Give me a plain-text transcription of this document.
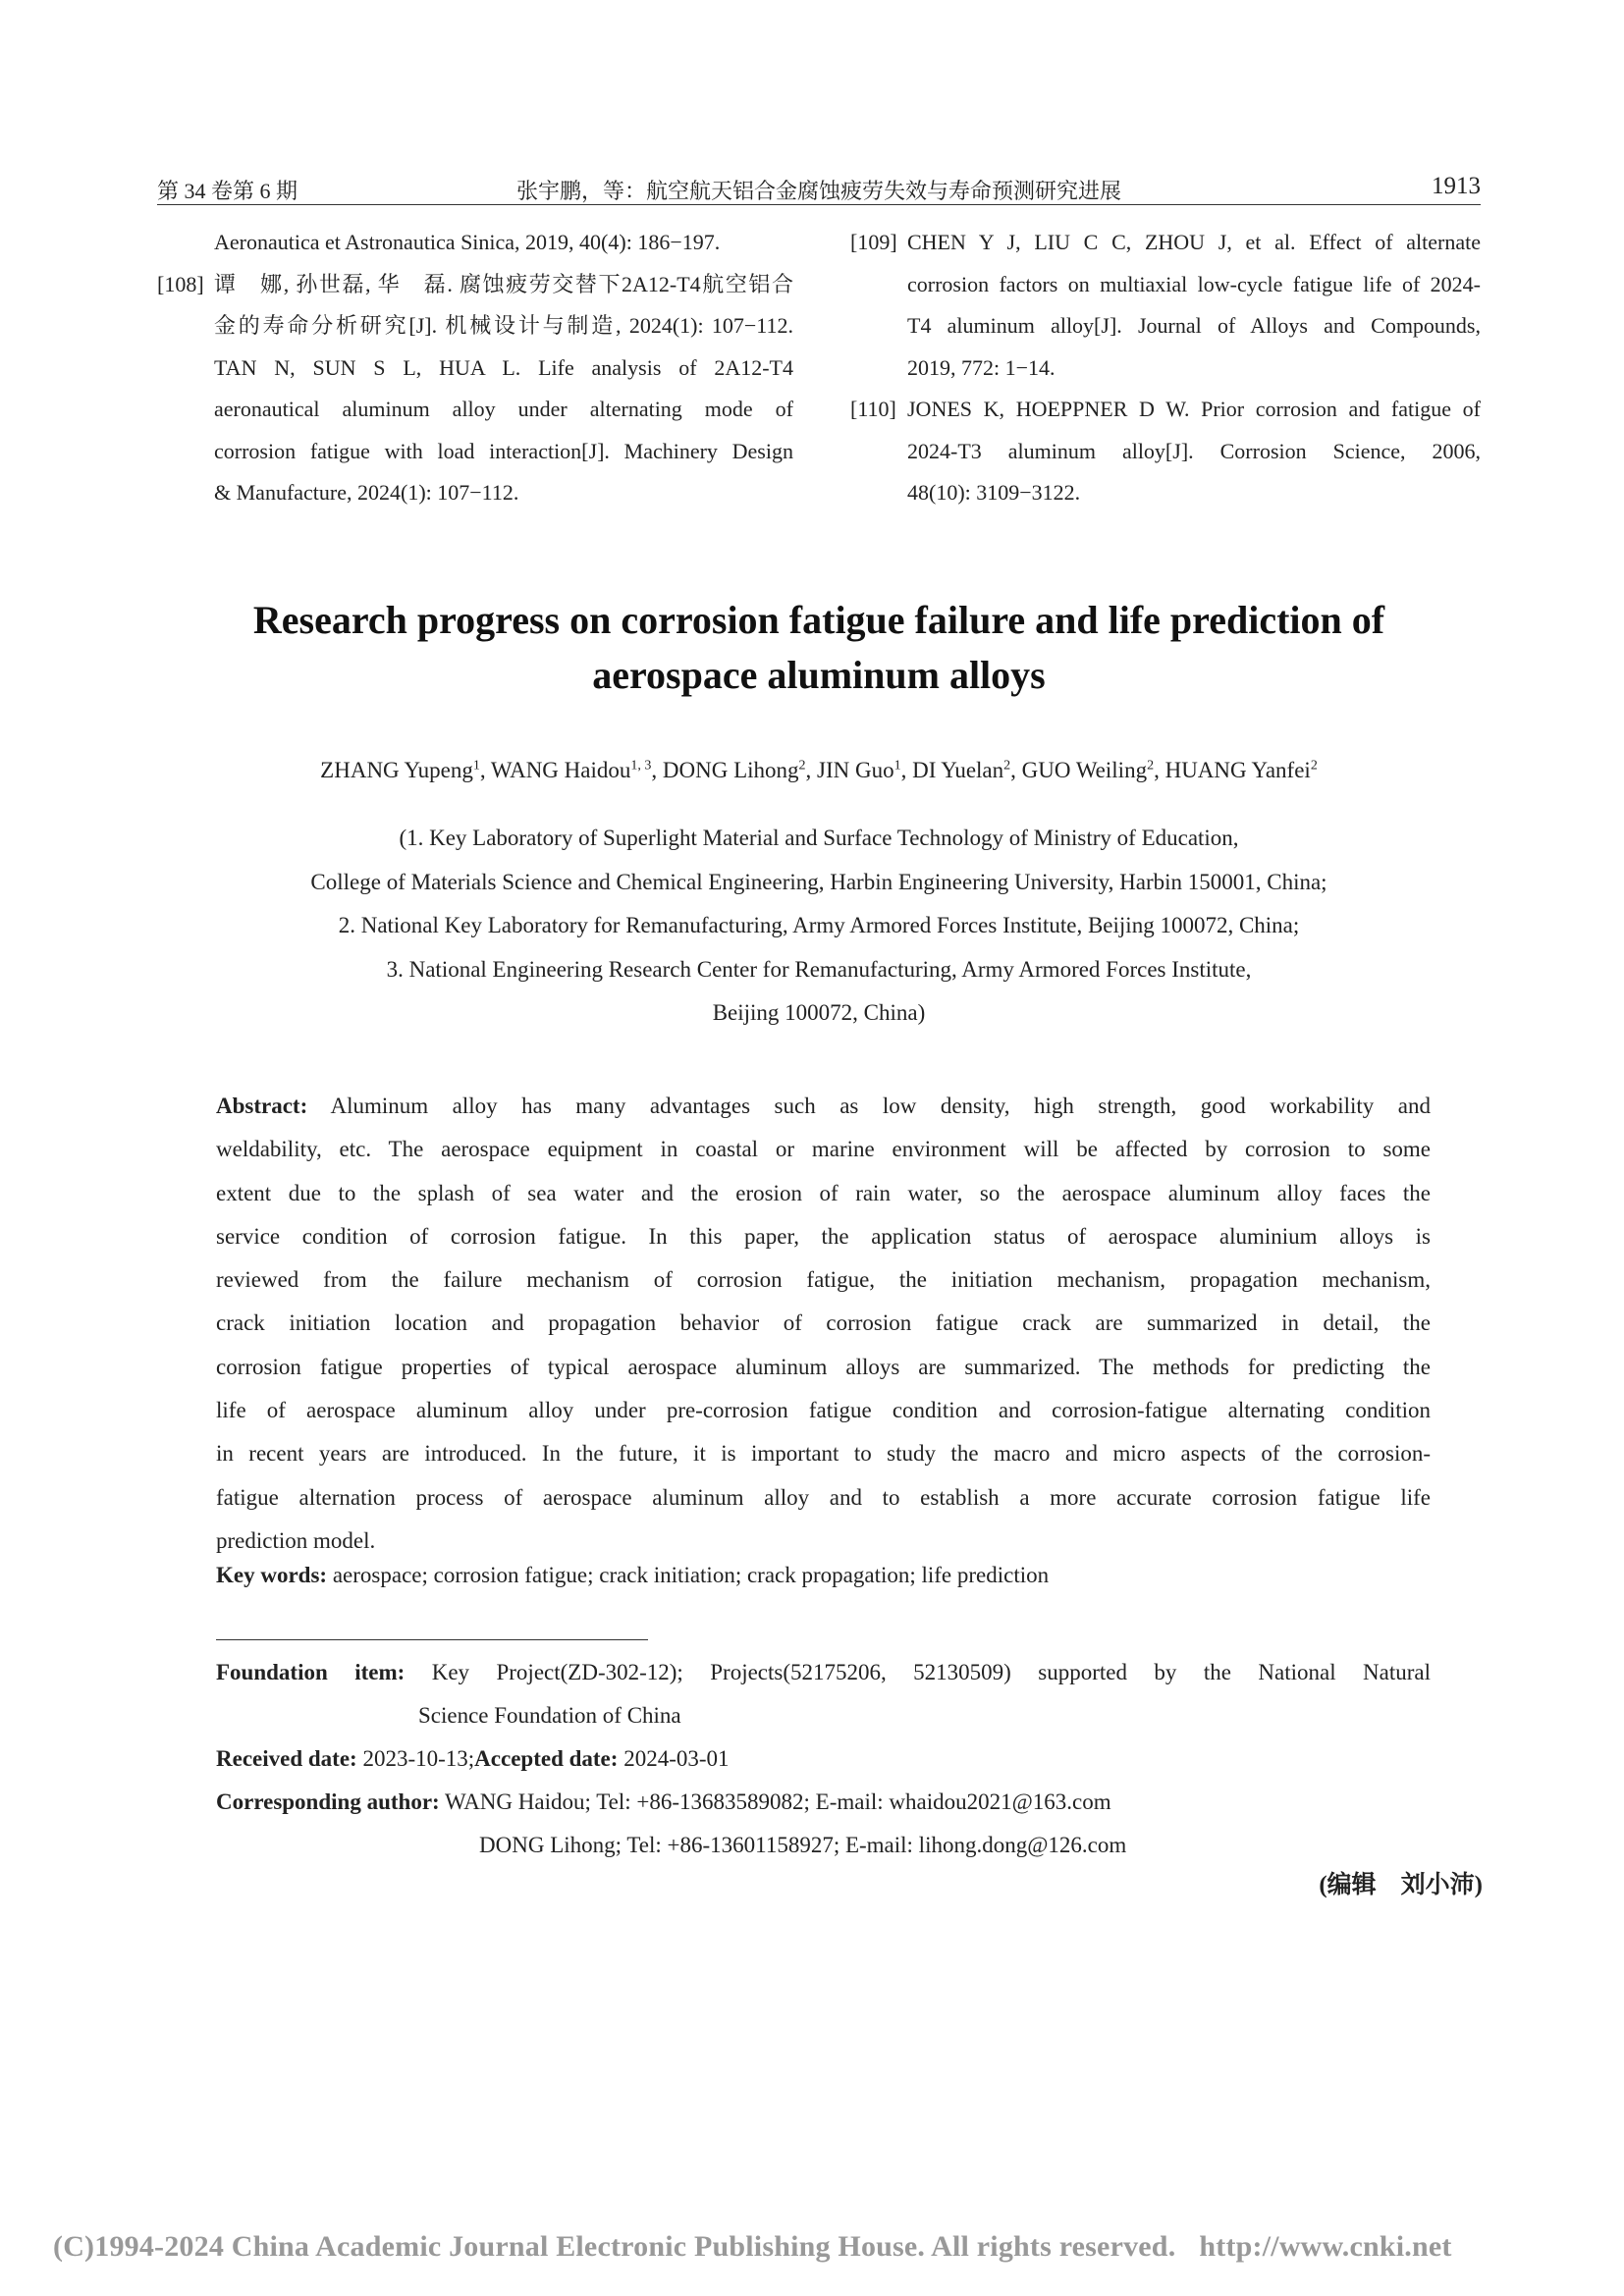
第 34 卷第 6 期	张宇鹏，等：航空航天铝合金腐蚀疲劳失效与寿命预测研究进展	1913
Aeronautica et Astronautica Sinica, 2019, 40(4): 186−197.
[108] 谭　娜, 孙世磊, 华　磊. 腐蚀疲劳交替下2A12-T4航空铝合
金的寿命分析研究[J]. 机械设计与制造, 2024(1): 107−112.
TAN N, SUN S L, HUA L. Life analysis of 2A12-T4
aeronautical aluminum alloy under alternating mode of
corrosion fatigue with load interaction[J]. Machinery Design
& Manufacture, 2024(1): 107−112.
[109] CHEN Y J, LIU C C, ZHOU J, et al. Effect of alternate
corrosion factors on multiaxial low-cycle fatigue life of 2024-
T4 aluminum alloy[J]. Journal of Alloys and Compounds,
2019, 772: 1−14.
[110] JONES K, HOEPPNER D W. Prior corrosion and fatigue of
2024-T3 aluminum alloy[J]. Corrosion Science, 2006,
48(10): 3109−3122.
Research progress on corrosion fatigue failure and life prediction of
aerospace aluminum alloys
ZHANG Yupeng$^1$, WANG Haidou$^{1, 3}$, DONG Lihong$^2$, JIN Guo$^1$, DI Yuelan$^2$, GUO Weiling$^2$, HUANG Yanfei$^2$
(1. Key Laboratory of Superlight Material and Surface Technology of Ministry of Education,
College of Materials Science and Chemical Engineering, Harbin Engineering University, Harbin 150001, China;
2. National Key Laboratory for Remanufacturing, Army Armored Forces Institute, Beijing 100072, China;
3. National Engineering Research Center for Remanufacturing, Army Armored Forces Institute,
Beijing 100072, China)
Abstract: Aluminum alloy has many advantages such as low density, high strength, good workability and
weldability, etc. The aerospace equipment in coastal or marine environment will be affected by corrosion to some
extent due to the splash of sea water and the erosion of rain water, so the aerospace aluminum alloy faces the
service condition of corrosion fatigue. In this paper, the application status of aerospace aluminium alloys is
reviewed from the failure mechanism of corrosion fatigue, the initiation mechanism, propagation mechanism,
crack initiation location and propagation behavior of corrosion fatigue crack are summarized in detail, the
corrosion fatigue properties of typical aerospace aluminum alloys are summarized. The methods for predicting the
life of aerospace aluminum alloy under pre-corrosion fatigue condition and corrosion-fatigue alternating condition
in recent years are introduced. In the future, it is important to study the macro and micro aspects of the corrosion-
fatigue alternation process of aerospace aluminum alloy and to establish a more accurate corrosion fatigue life
prediction model.
Key words: aerospace; corrosion fatigue; crack initiation; crack propagation; life prediction
Foundation item: Key Project(ZD-302-12); Projects(52175206, 52130509) supported by the National Natural
Science Foundation of China
Received date: 2023-10-13;Accepted date: 2024-03-01
Corresponding author: WANG Haidou; Tel: +86-13683589082; E-mail: whaidou2021@163.com
DONG Lihong; Tel: +86-13601158927; E-mail: lihong.dong@126.com
(编辑　刘小沛)
(C)1994-2024 China Academic Journal Electronic Publishing House. All rights reserved. http://www.cnki.net
